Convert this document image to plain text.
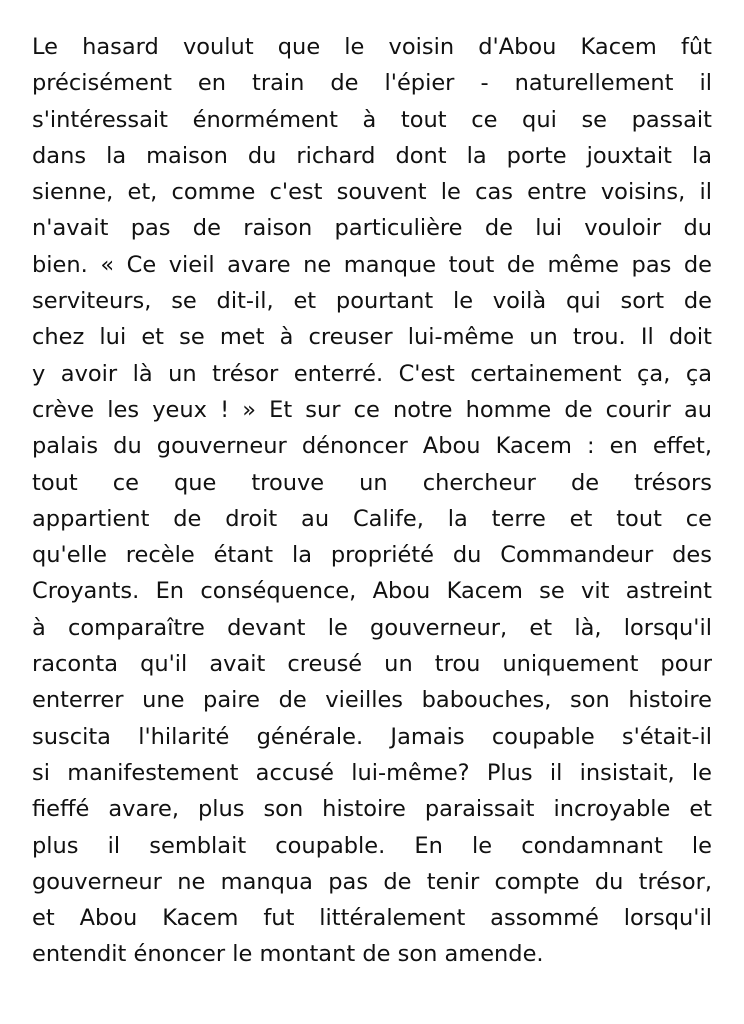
Le hasard voulut que le voisin d'Abou Kacem fût
précisément en train de l'épier - naturellement il
s'intéressait énormément à tout ce qui se passait
dans la maison du richard dont la porte jouxtait la
sienne, et, comme c'est souvent le cas entre voisins, il
n'avait pas de raison particulière de lui vouloir du
bien. « Ce vieil avare ne manque tout de même pas de
serviteurs, se dit-il, et pourtant le voilà qui sort de
chez lui et se met à creuser lui-même un trou. Il doit
y avoir là un trésor enterré. C'est certainement ça, ça
crève les yeux ! » Et sur ce notre homme de courir au
palais du gouverneur dénoncer Abou Kacem : en effet,
tout ce que trouve un chercheur de trésors
appartient de droit au Calife, la terre et tout ce
qu'elle recèle étant la propriété du Commandeur des
Croyants. En conséquence, Abou Kacem se vit astreint
à comparaître devant le gouverneur, et là, lorsqu'il
raconta qu'il avait creusé un trou uniquement pour
enterrer une paire de vieilles babouches, son histoire
suscita l'hilarité générale. Jamais coupable s'était-il
si manifestement accusé lui-même? Plus il insistait, le
fieffé avare, plus son histoire paraissait incroyable et
plus il semblait coupable. En le condamnant le
gouverneur ne manqua pas de tenir compte du trésor,
et Abou Kacem fut littéralement assommé lorsqu'il
entendit énoncer le montant de son amende.
